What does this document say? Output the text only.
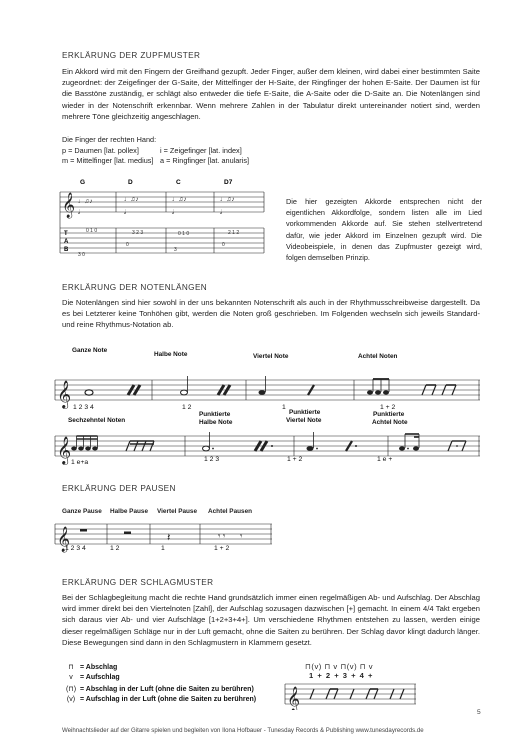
ERKLÄRUNG DER ZUPFMUSTER
Ein Akkord wird mit den Fingern der Greifhand gezupft. Jeder Finger, außer dem kleinen, wird dabei einer bestimmten Saite zugeordnet: der Zeigefinger der G-Saite, der Mittelfinger der H-Saite, der Ringfinger der hohen E-Saite. Der Daumen ist für die Basstöne zuständig, er schlägt also entweder die tiefe E-Saite, die A-Saite oder die D-Saite an. Die Notenlängen sind wieder in der Notenschrift erkennbar. Wenn mehrere Zahlen in der Tabulatur direkt untereinander notiert sind, werden mehrere Töne gleichzeitig angeschlagen.
Die Finger der rechten Hand:
p = Daumen [lat. pollex]	i = Zeigefinger [lat. index]
m = Mittelfinger [lat. medius] a = Ringfinger [lat. anularis]
𝄞 ♩♫♪	♩♫♪	♩♫♪	♩♫♪
𝅗𝅥	𝅗𝅥	𝅗𝅥	𝅗𝅥
0 1 0	3 2 3	0 1 0	2 1 2
3 0
0
3
0
G	D	C	D7
T
A
B
Die hier gezeigten Akkorde entsprechen nicht der eigentlichen Akkordfolge, sondern listen alle im Lied vorkommenden Akkorde auf. Sie stehen stellvertretend dafür, wie jeder Akkord im Einzelnen gezupft wird. Die Videobeispiele, in denen das Zupfmuster gezeigt wird, folgen demselben Prinzip.
ERKLÄRUNG DER NOTENLÄNGEN
Die Notenlängen sind hier sowohl in der uns bekannten Notenschrift als auch in der Rhythmusschreibweise dargestellt. Da es bei Letzterer keine Tonhöhen gibt, werden die Noten groß geschrieben. Im Folgenden wechseln sich jeweils Standard- und reine Rhythmus-Notation ab.
𝄞
Ganze Note
Halbe Note	Viertel Note	Achtel Noten
1 2 3 4	1 2	1	1 + 2
𝄞
Sechzehntel Noten
Punktierte
Halbe Note
Punktierte
Viertel Note
Punktierte
Achtel Note
1 e+a	1 2 3	1 + 2	1 e +
ERKLÄRUNG DER PAUSEN
𝄞	𝄽	𝄾 𝄾 𝄾
Ganze Pause Halbe Pause Viertel Pause Achtel Pausen
1 2 3 4	1 2	1	1 + 2
ERKLÄRUNG DER SCHLAGMUSTER
Bei der Schlagbegleitung macht die rechte Hand grundsätzlich immer einen regelmäßigen Ab- und Aufschlag. Der Abschlag wird immer direkt bei den Viertelnoten [Zahl], der Aufschlag sozusagen dazwischen [+] gemacht. In einem 4/4 Takt ergeben sich daraus vier Ab- und vier Aufschläge [1+2+3+4+]. Um verschiedene Rhythmen entstehen zu lassen, werden einige dieser regelmäßigen Schläge nur in der Luft gemacht, ohne die Saiten zu berühren. Der Schlag davor klingt dadurch länger. Diese Bewegungen sind dann in den Schlagmustern in Klammern gesetzt.
⊓ = Abschlag
v = Aufschlag
(⊓) = Abschlag in der Luft (ohne die Saiten zu berühren)
(v) = Aufschlag in der Luft (ohne die Saiten zu berühren)
⊓(v) ⊓ v ⊓(v) ⊓ v
1 + 2 + 3 + 4 +
𝄞
5
Weihnachtslieder auf der Gitarre spielen und begleiten von Ilona Hofbauer - Tunesday Records & Publishing www.tunesdayrecords.de
